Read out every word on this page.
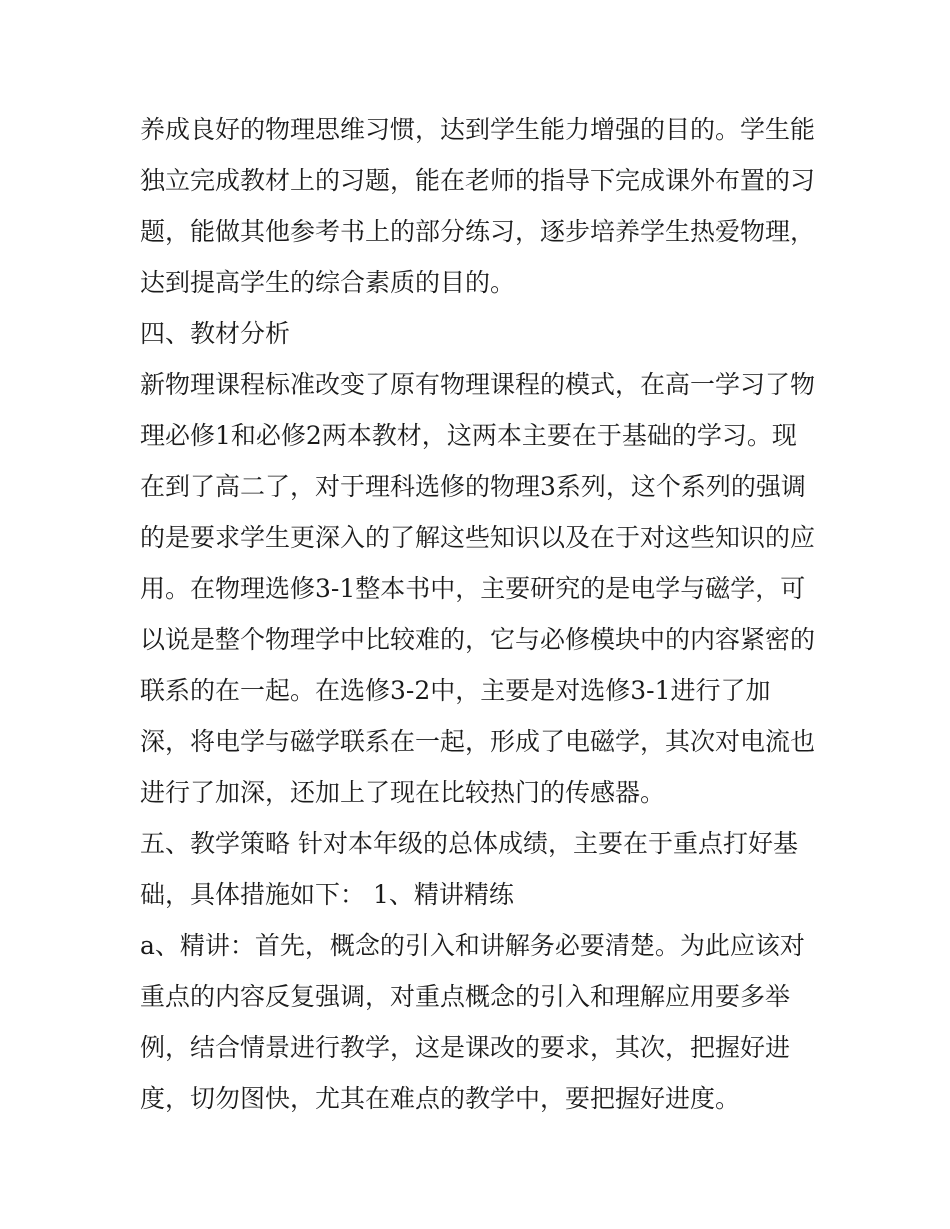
养成良好的物理思维习惯，达到学生能力增强的目的。学生能
独立完成教材上的习题，能在老师的指导下完成课外布置的习
题，能做其他参考书上的部分练习，逐步培养学生热爱物理，
达到提高学生的综合素质的目的。
四、教材分析
新物理课程标准改变了原有物理课程的模式，在高一学习了物
理必修1和必修2两本教材，这两本主要在于基础的学习。现
在到了高二了，对于理科选修的物理3系列，这个系列的强调
的是要求学生更深入的了解这些知识以及在于对这些知识的应
用。在物理选修3-1整本书中，主要研究的是电学与磁学，可
以说是整个物理学中比较难的，它与必修模块中的内容紧密的
联系的在一起。在选修3-2中，主要是对选修3-1进行了加
深，将电学与磁学联系在一起，形成了电磁学，其次对电流也
进行了加深，还加上了现在比较热门的传感器。
五、教学策略 针对本年级的总体成绩，主要在于重点打好基
础，具体措施如下： 1、精讲精练
a、精讲：首先，概念的引入和讲解务必要清楚。为此应该对
重点的内容反复强调，对重点概念的引入和理解应用要多举
例，结合情景进行教学，这是课改的要求，其次，把握好进
度，切勿图快，尤其在难点的教学中，要把握好进度。
